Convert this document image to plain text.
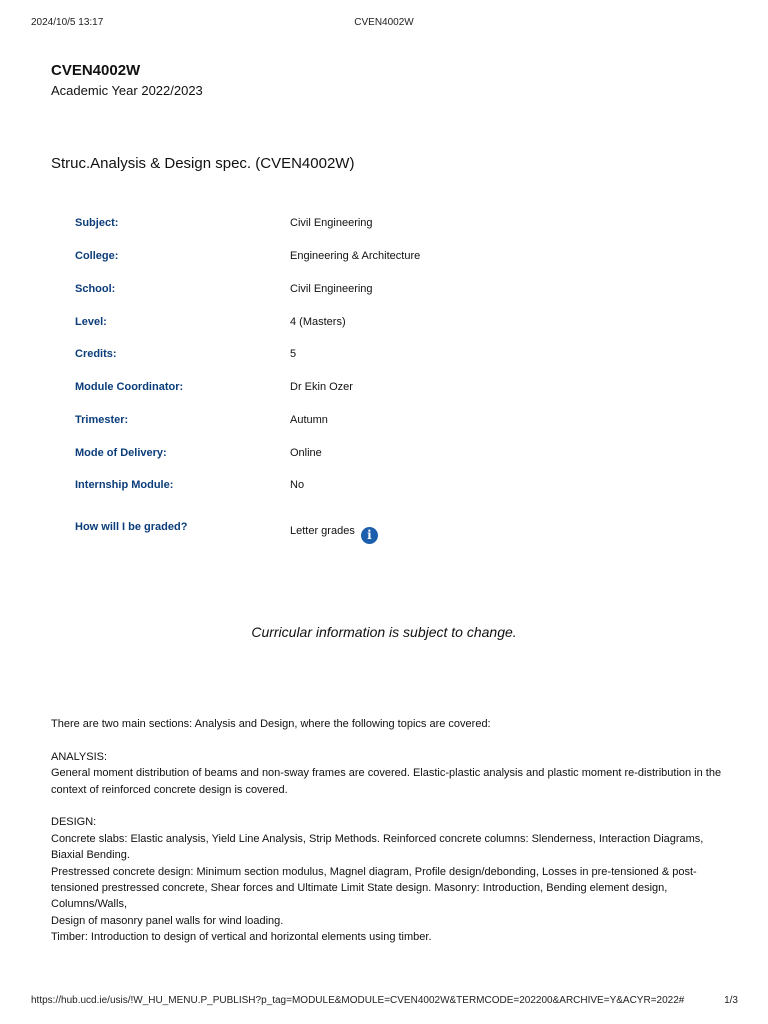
2024/10/5 13:17	CVEN4002W
CVEN4002W
Academic Year 2022/2023
Struc.Analysis & Design spec. (CVEN4002W)
Subject:	Civil Engineering
College:	Engineering & Architecture
School:	Civil Engineering
Level:	4 (Masters)
Credits:	5
Module Coordinator:	Dr Ekin Ozer
Trimester:	Autumn
Mode of Delivery:	Online
Internship Module:	No
How will I be graded?	Letter grades i
Curricular information is subject to change.

There are two main sections: Analysis and Design, where the following topics are covered:

ANALYSIS:

General moment distribution of beams and non-sway frames are covered. Elastic-plastic analysis and plastic moment re-distribution in the context of reinforced concrete design is covered.

DESIGN:

Concrete slabs: Elastic analysis, Yield Line Analysis, Strip Methods. Reinforced concrete columns: Slenderness, Interaction Diagrams, Biaxial Bending.

Prestressed concrete design: Minimum section modulus, Magnel diagram, Profile design/debonding, Losses in pre-tensioned & post-tensioned prestressed concrete, Shear forces and Ultimate Limit State design. Masonry: Introduction, Bending element design, Columns/Walls,

Design of masonry panel walls for wind loading.

Timber: Introduction to design of vertical and horizontal elements using timber.

https://hub.ucd.ie/usis/!W_HU_MENU.P_PUBLISH?p_tag=MODULE&MODULE=CVEN4002W&TERMCODE=202200&ARCHIVE=Y&ACYR=2022#	1/3
